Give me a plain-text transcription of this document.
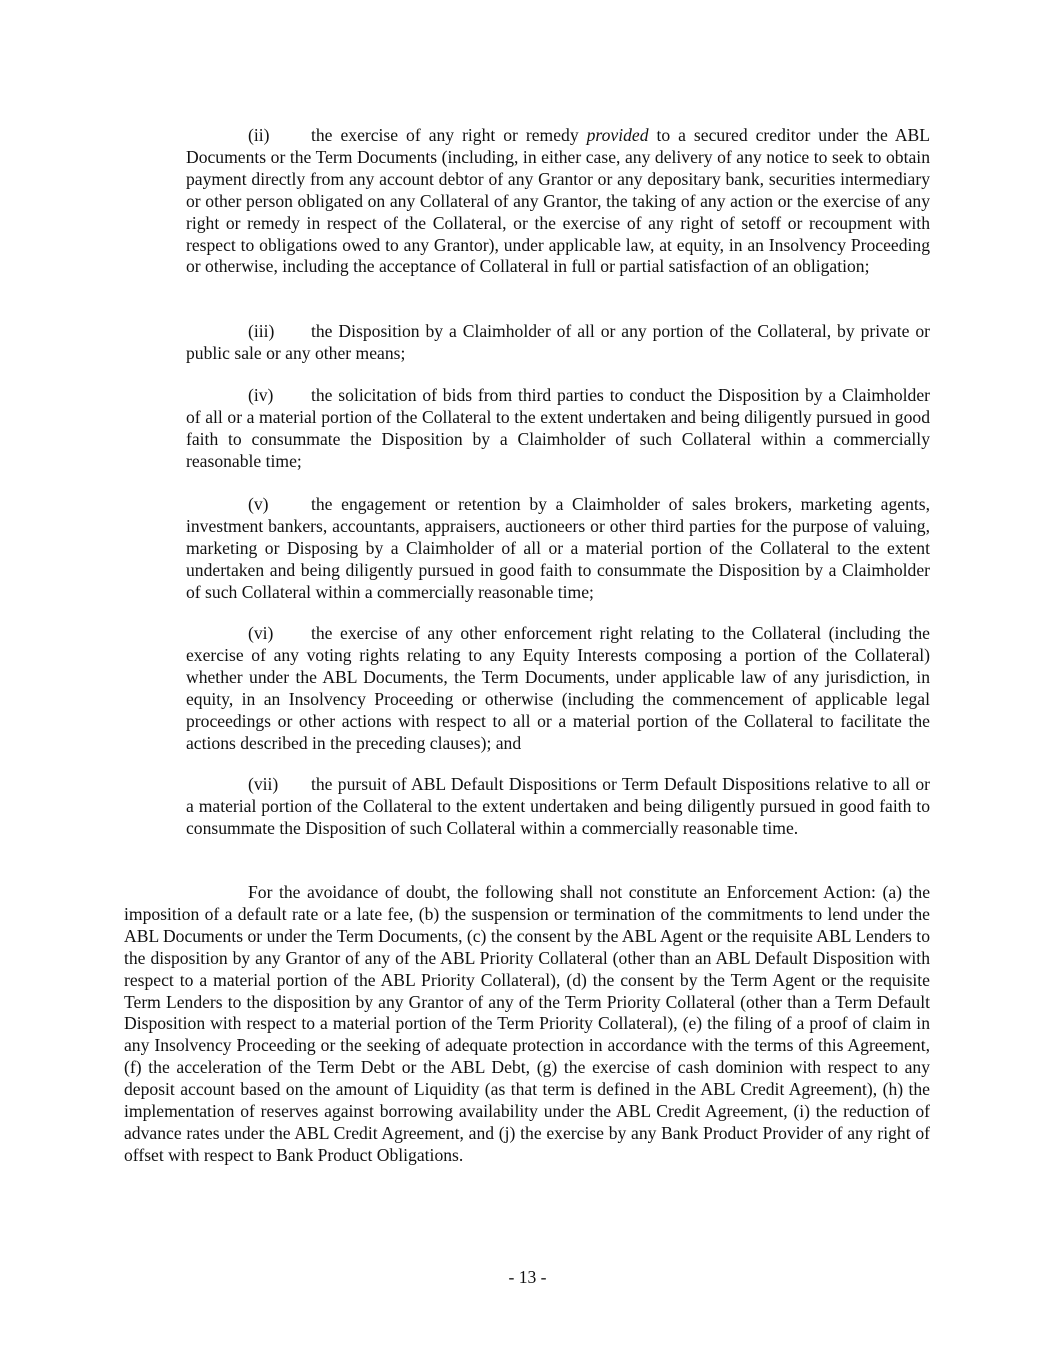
(ii) the exercise of any right or remedy provided to a secured creditor under the ABL Documents or the Term Documents (including, in either case, any delivery of any notice to seek to obtain payment directly from any account debtor of any Grantor or any depositary bank, securities intermediary or other person obligated on any Collateral of any Grantor, the taking of any action or the exercise of any right or remedy in respect of the Collateral, or the exercise of any right of setoff or recoupment with respect to obligations owed to any Grantor), under applicable law, at equity, in an Insolvency Proceeding or otherwise, including the acceptance of Collateral in full or partial satisfaction of an obligation;

(iii) the Disposition by a Claimholder of all or any portion of the Collateral, by private or public sale or any other means;

(iv) the solicitation of bids from third parties to conduct the Disposition by a Claimholder of all or a material portion of the Collateral to the extent undertaken and being diligently pursued in good faith to consummate the Disposition by a Claimholder of such Collateral within a commercially reasonable time;

(v) the engagement or retention by a Claimholder of sales brokers, marketing agents, investment bankers, accountants, appraisers, auctioneers or other third parties for the purpose of valuing, marketing or Disposing by a Claimholder of all or a material portion of the Collateral to the extent undertaken and being diligently pursued in good faith to consummate the Disposition by a Claimholder of such Collateral within a commercially reasonable time;

(vi) the exercise of any other enforcement right relating to the Collateral (including the exercise of any voting rights relating to any Equity Interests composing a portion of the Collateral) whether under the ABL Documents, the Term Documents, under applicable law of any jurisdiction, in equity, in an Insolvency Proceeding or otherwise (including the commencement of applicable legal proceedings or other actions with respect to all or a material portion of the Collateral to facilitate the actions described in the preceding clauses); and

(vii) the pursuit of ABL Default Dispositions or Term Default Dispositions relative to all or a material portion of the Collateral to the extent undertaken and being diligently pursued in good faith to consummate the Disposition of such Collateral within a commercially reasonable time.

For the avoidance of doubt, the following shall not constitute an Enforcement Action: (a) the imposition of a default rate or a late fee, (b) the suspension or termination of the commitments to lend under the ABL Documents or under the Term Documents, (c) the consent by the ABL Agent or the requisite ABL Lenders to the disposition by any Grantor of any of the ABL Priority Collateral (other than an ABL Default Disposition with respect to a material portion of the ABL Priority Collateral), (d) the consent by the Term Agent or the requisite Term Lenders to the disposition by any Grantor of any of the Term Priority Collateral (other than a Term Default Disposition with respect to a material portion of the Term Priority Collateral), (e) the filing of a proof of claim in any Insolvency Proceeding or the seeking of adequate protection in accordance with the terms of this Agreement, (f) the acceleration of the Term Debt or the ABL Debt, (g) the exercise of cash dominion with respect to any deposit account based on the amount of Liquidity (as that term is defined in the ABL Credit Agreement), (h) the implementation of reserves against borrowing availability under the ABL Credit Agreement, (i) the reduction of advance rates under the ABL Credit Agreement, and (j) the exercise by any Bank Product Provider of any right of offset with respect to Bank Product Obligations.

- 13 -
